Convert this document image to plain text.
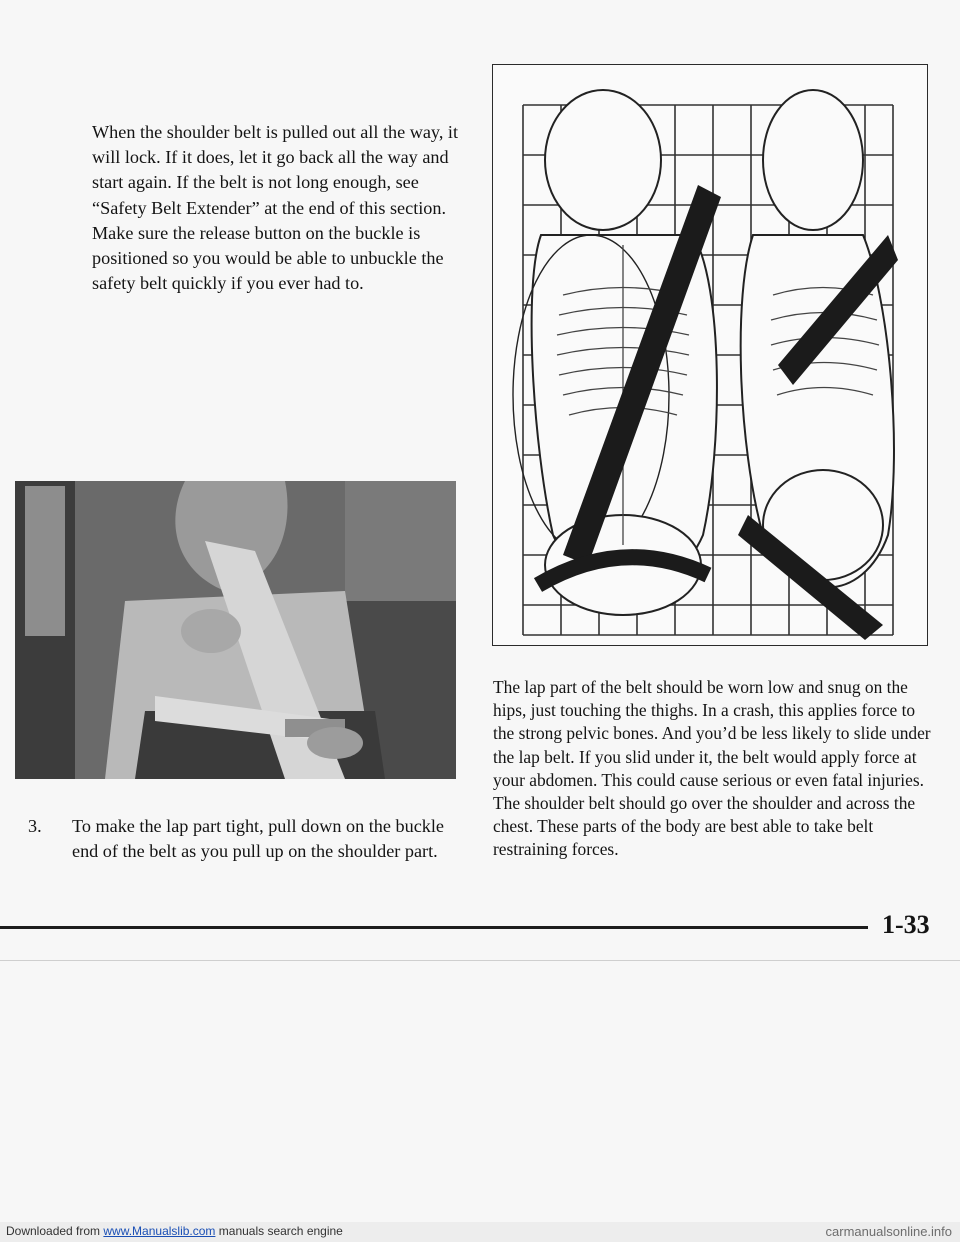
When the shoulder belt is pulled out all the way, it will lock. If it does, let it go back all the way and start again. If the belt is not long enough, see “Safety Belt Extender” at the end of this section. Make sure the release button on the buckle is positioned so you would be able to unbuckle the safety belt quickly if you ever had to.

3.	To make the lap part tight, pull down on the buckle end of the belt as you pull up on the shoulder part.

The lap part of the belt should be worn low and snug on the hips, just touching the thighs. In a crash, this applies force to the strong pelvic bones. And you’d be less likely to slide under the lap belt. If you slid under it, the belt would apply force at your abdomen. This could cause serious or even fatal injuries. The shoulder belt should go over the shoulder and across the chest. These parts of the body are best able to take belt restraining forces.

1-33
Downloaded from www.Manualslib.com manuals search engine	carmanualsonline.info
